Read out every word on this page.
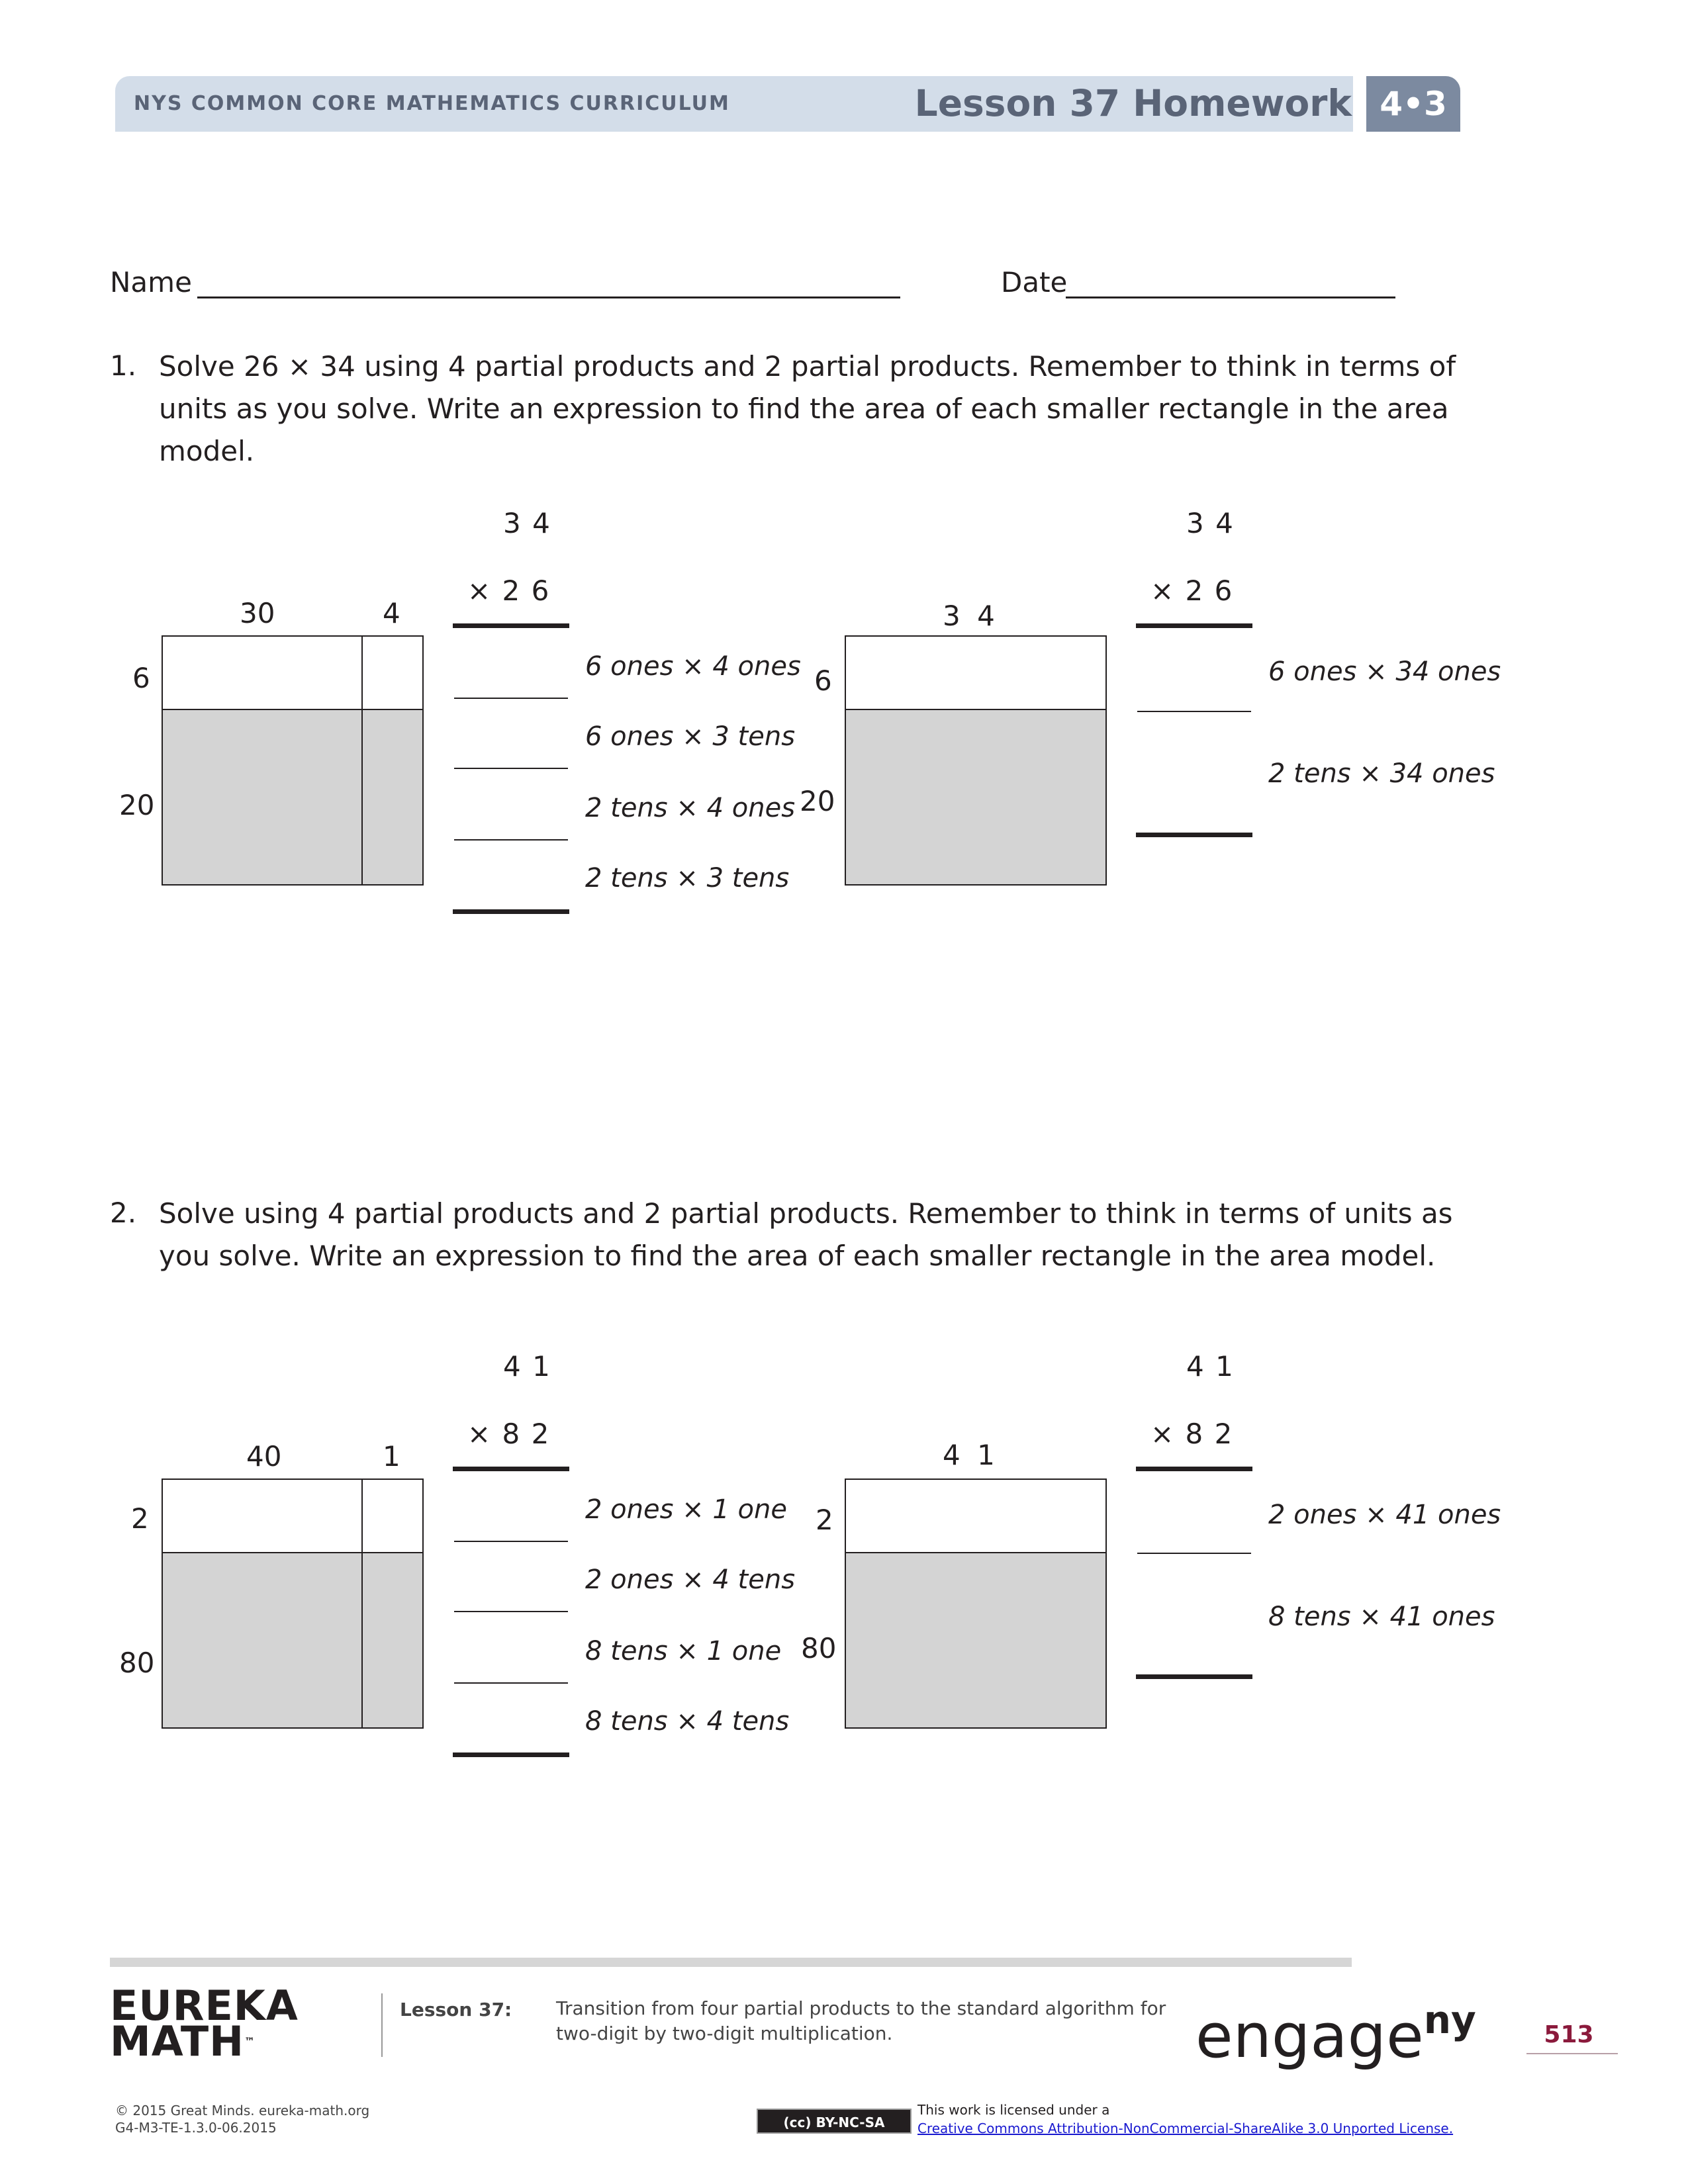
NYS COMMON CORE MATHEMATICS CURRICULUM	Lesson 37 Homework 4•3
Name	Date
1. Solve 26 × 34 using 4 partial products and 2 partial products. Remember to think in terms of units as you solve. Write an expression to find the area of each smaller rectangle in the area model.
30	4
6
20
3 4
× 2 6
6 ones × 4 ones
6 ones × 3 tens
2 tens × 4 ones
2 tens × 3 tens
3 4
6
20
3 4
× 2 6
6 ones × 34 ones
2 tens × 34 ones
2. Solve using 4 partial products and 2 partial products. Remember to think in terms of units as you solve. Write an expression to find the area of each smaller rectangle in the area model.
40	1
2
80
4 1
× 8 2
2 ones × 1 one
2 ones × 4 tens
8 tens × 1 one
8 tens × 4 tens
4 1
2
80
4 1
× 8 2
2 ones × 41 ones
8 tens × 41 ones
EUREKA
MATH™
Lesson 37: Transition from four partial products to the standard algorithm for two-digit by two-digit multiplication.	engage$^{ny}$	513
© 2015 Great Minds. eureka-math.org
G4-M3-TE-1.3.0-06.2015	(cc) BY-NC-SA
This work is licensed under a
Creative Commons Attribution-NonCommercial-ShareAlike 3.0 Unported License.
